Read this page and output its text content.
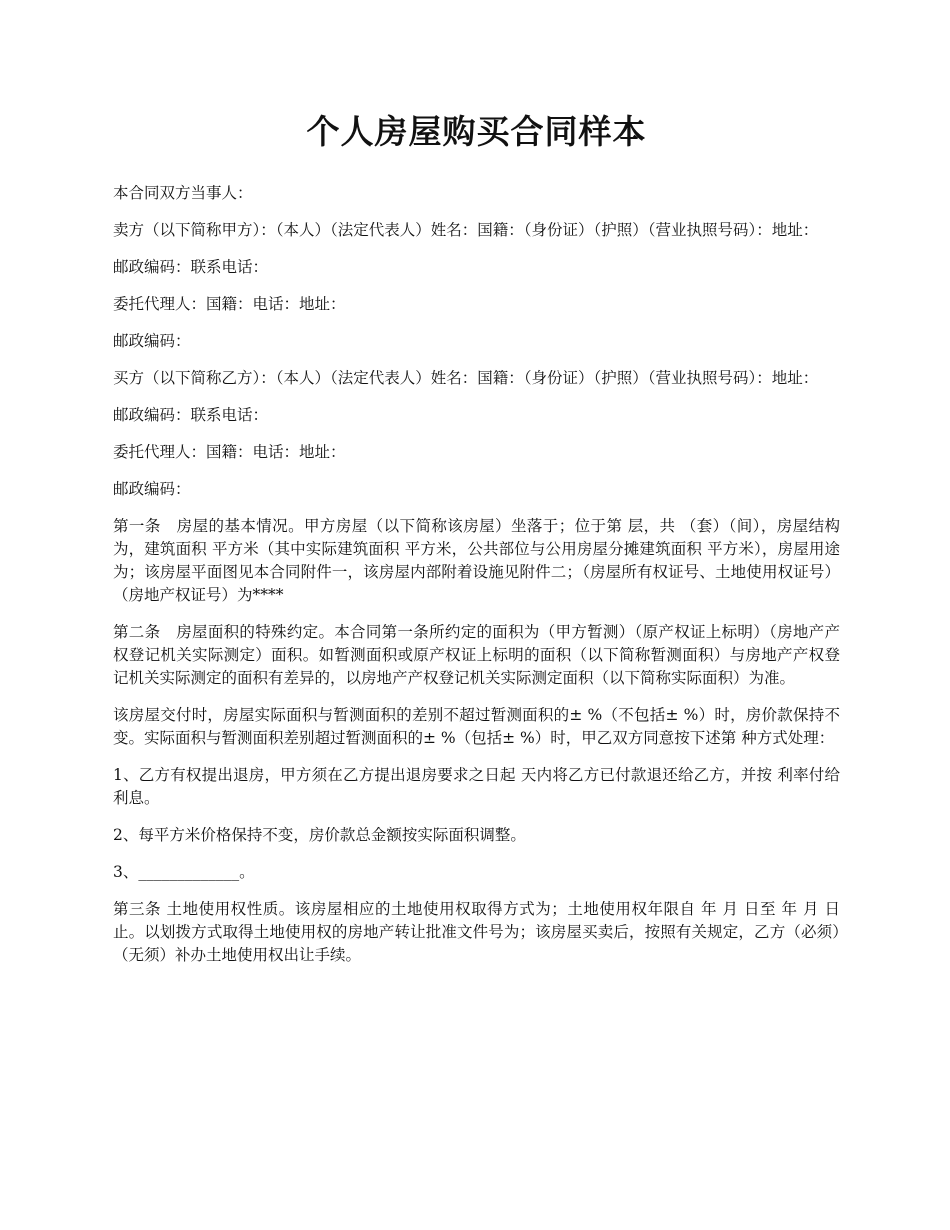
个人房屋购买合同样本

本合同双方当事人：

卖方（以下简称甲方）：（本人）（法定代表人）姓名：国籍：（身份证）（护照）（营业执照号码）：地址：

邮政编码：联系电话：

委托代理人：国籍：电话：地址：

邮政编码：

买方（以下简称乙方）：（本人）（法定代表人）姓名：国籍：（身份证）（护照）（营业执照号码）：地址：

邮政编码：联系电话：

委托代理人：国籍：电话：地址：

邮政编码：

第一条　房屋的基本情况。甲方房屋（以下简称该房屋）坐落于；位于第 层，共 （套）（间），房屋结构为，建筑面积 平方米（其中实际建筑面积 平方米，公共部位与公用房屋分摊建筑面积 平方米），房屋用途为；该房屋平面图见本合同附件一，该房屋内部附着设施见附件二；（房屋所有权证号、土地使用权证号）（房地产权证号）为****

第二条　房屋面积的特殊约定。本合同第一条所约定的面积为（甲方暂测）（原产权证上标明）（房地产产权登记机关实际测定）面积。如暂测面积或原产权证上标明的面积（以下简称暂测面积）与房地产产权登记机关实际测定的面积有差异的，以房地产产权登记机关实际测定面积（以下简称实际面积）为准。

该房屋交付时，房屋实际面积与暂测面积的差别不超过暂测面积的± %（不包括± %）时，房价款保持不变。实际面积与暂测面积差别超过暂测面积的± %（包括± %）时，甲乙双方同意按下述第 种方式处理：

1、乙方有权提出退房，甲方须在乙方提出退房要求之日起 天内将乙方已付款退还给乙方，并按 利率付给利息。

2、每平方米价格保持不变，房价款总金额按实际面积调整。

3、_____________。

第三条 土地使用权性质。该房屋相应的土地使用权取得方式为；土地使用权年限自 年 月 日至 年 月 日止。以划拨方式取得土地使用权的房地产转让批准文件号为；该房屋买卖后，按照有关规定，乙方（必须）（无须）补办土地使用权出让手续。
